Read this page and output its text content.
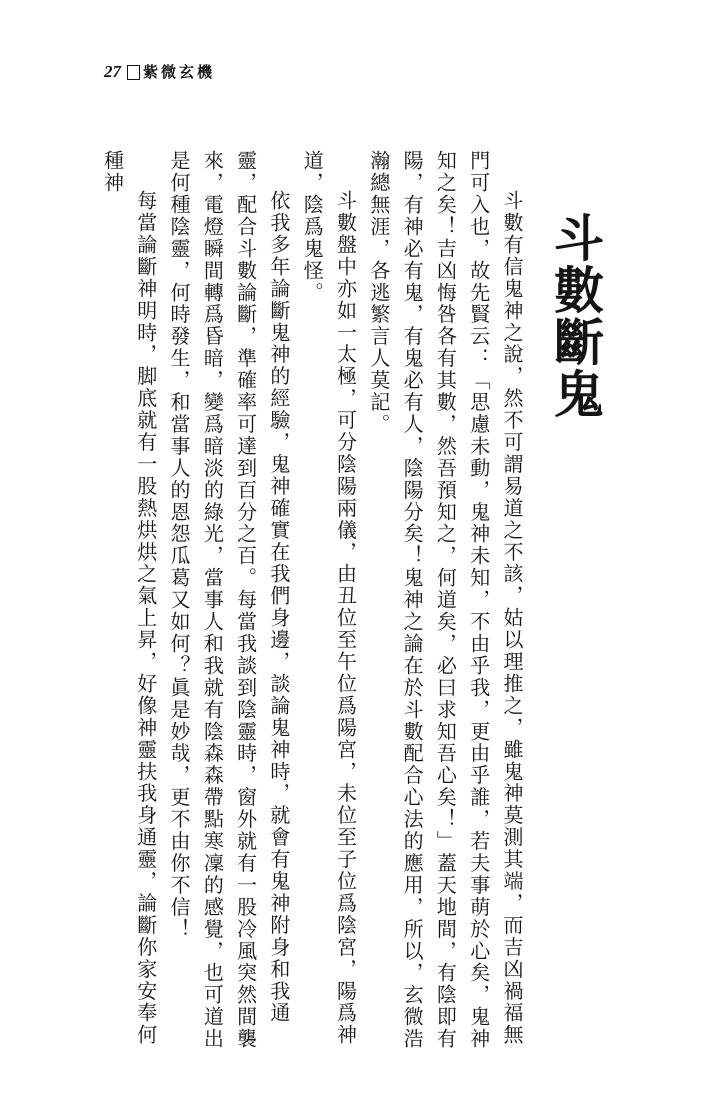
27 紫微玄機
斗數斷鬼

斗數有信鬼神之說，然不可謂易道之不該，姑以理推之，雖鬼神莫測其端，而吉凶禍福無門可入也，故先賢云：「思慮未動，鬼神未知，不由乎我，更由乎誰，若夫事萌於心矣，鬼神知之矣！吉凶悔咎各有其數，然吾預知之，何道矣，必曰求知吾心矣！」蓋天地間，有陰即有陽，有神必有鬼，有鬼必有人，陰陽分矣！鬼神之論在於斗數配合心法的應用，所以，玄微浩瀚總無涯，各逃繁言人莫記。

斗數盤中亦如一太極，可分陰陽兩儀，由丑位至午位爲陽宮，未位至子位爲陰宮，陽爲神道，陰爲鬼怪。

依我多年論斷鬼神的經驗，鬼神確實在我們身邊，談論鬼神時，就會有鬼神附身和我通靈，配合斗數論斷，準確率可達到百分之百。每當我談到陰靈時，窗外就有一股冷風突然間襲來，電燈瞬間轉爲昏暗，變爲暗淡的綠光，當事人和我就有陰森森帶點寒凜的感覺，也可道出是何種陰靈，何時發生，和當事人的恩怨瓜葛又如何？眞是妙哉，更不由你不信！

每當論斷神明時，脚底就有一股熱烘烘之氣上昇，好像神靈扶我身通靈，論斷你家安奉何種神
